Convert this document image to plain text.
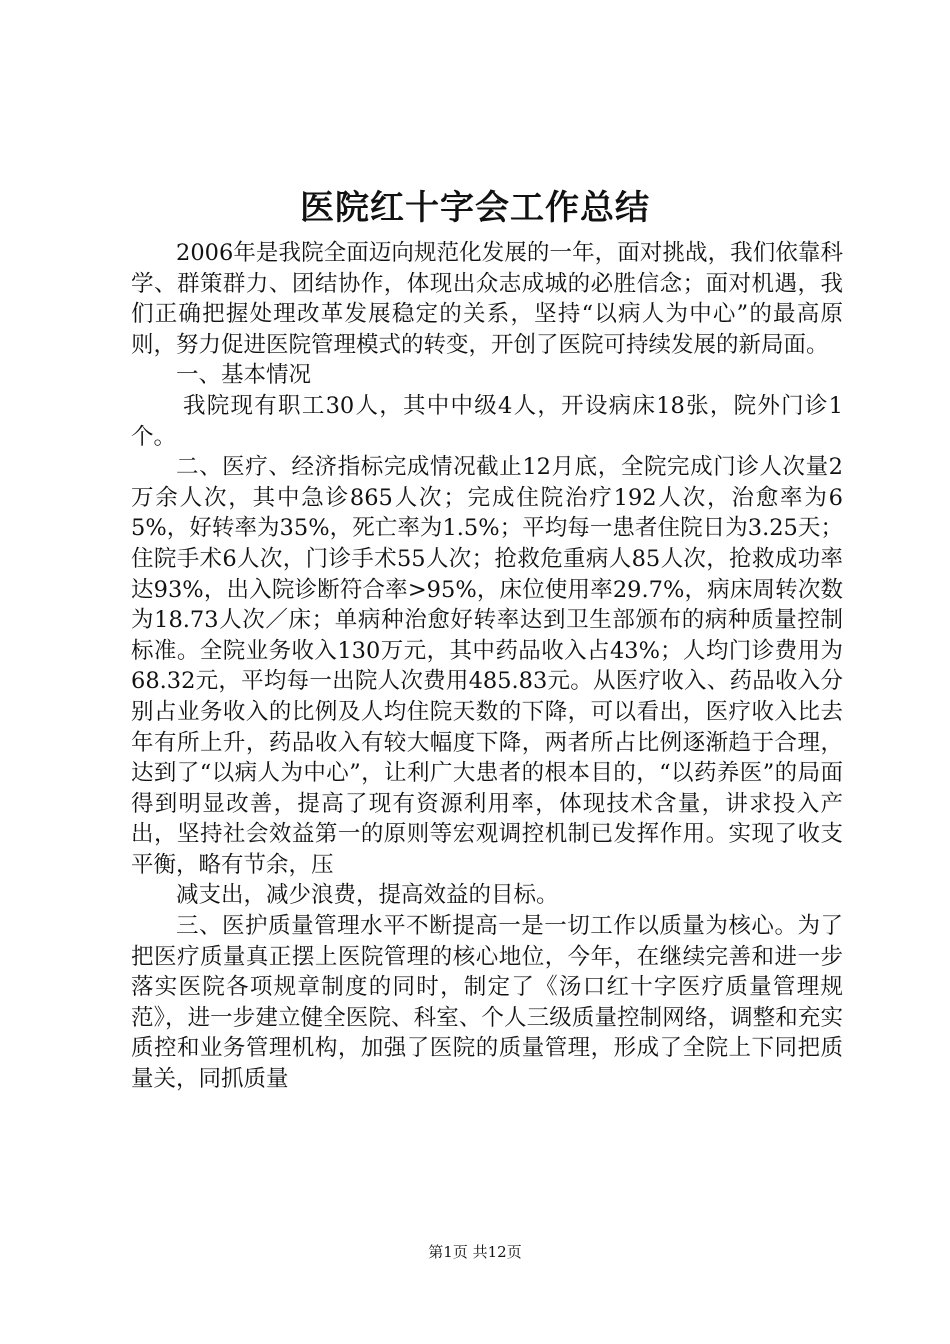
医院红十字会工作总结

2006年是我院全面迈向规范化发展的一年，面对挑战，我们依靠科学、群策群力、团结协作，体现出众志成城的必胜信念；面对机遇，我们正确把握处理改革发展稳定的关系，坚持“以病人为中心”的最高原则，努力促进医院管理模式的转变，开创了医院可持续发展的新局面。

一、基本情况

我院现有职工30人，其中中级4人，开设病床18张，院外门诊1个。

二、医疗、经济指标完成情况截止12月底，全院完成门诊人次量2万余人次，其中急诊865人次；完成住院治疗192人次，治愈率为65%，好转率为35%，死亡率为1.5%；平均每一患者住院日为3.25天；住院手术6人次，门诊手术55人次；抢救危重病人85人次，抢救成功率达93%，出入院诊断符合率>95%，床位使用率29.7%，病床周转次数为18.73人次／床；单病种治愈好转率达到卫生部颁布的病种质量控制标准。全院业务收入130万元，其中药品收入占43%；人均门诊费用为68.32元，平均每一出院人次费用485.83元。从医疗收入、药品收入分别占业务收入的比例及人均住院天数的下降，可以看出，医疗收入比去年有所上升，药品收入有较大幅度下降，两者所占比例逐渐趋于合理，达到了“以病人为中心”，让利广大患者的根本目的，“以药养医”的局面得到明显改善，提高了现有资源利用率，体现技术含量，讲求投入产出，坚持社会效益第一的原则等宏观调控机制已发挥作用。实现了收支平衡，略有节余，压

减支出，减少浪费，提高效益的目标。

三、医护质量管理水平不断提高一是一切工作以质量为核心。为了把医疗质量真正摆上医院管理的核心地位，今年，在继续完善和进一步落实医院各项规章制度的同时，制定了《汤口红十字医疗质量管理规范》，进一步建立健全医院、科室、个人三级质量控制网络，调整和充实质控和业务管理机构，加强了医院的质量管理，形成了全院上下同把质量关，同抓质量

第1页 共12页
